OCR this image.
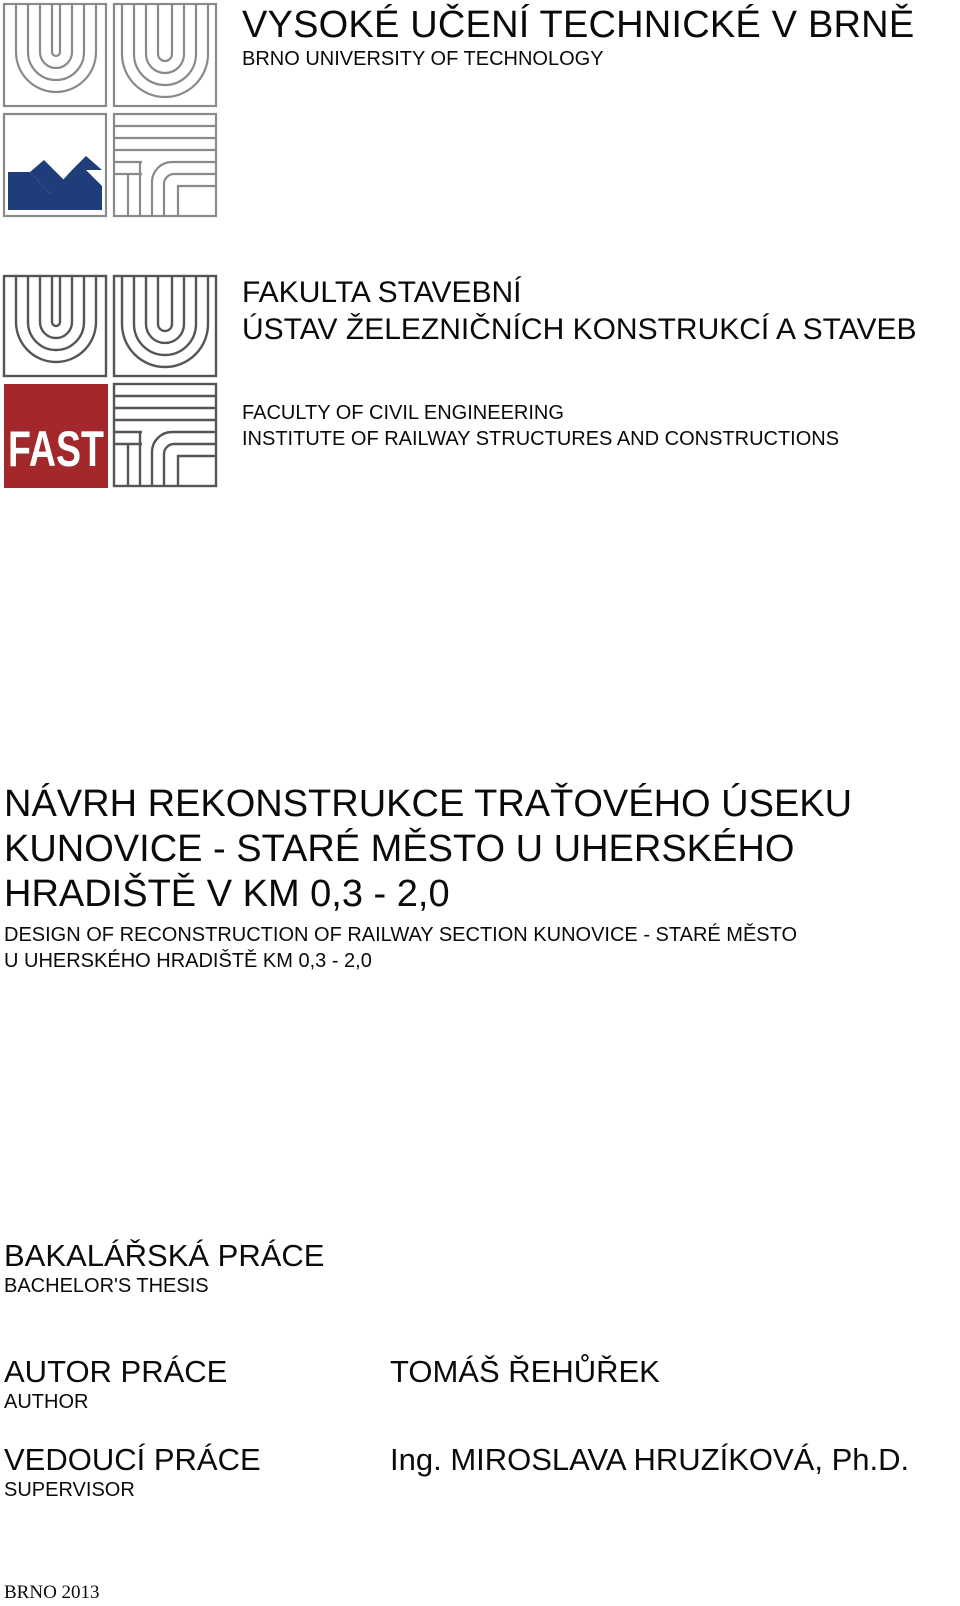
VYSOKÉ UČENÍ TECHNICKÉ V BRNĚ
BRNO UNIVERSITY OF TECHNOLOGY
FAST
FAKULTA STAVEBNÍ
ÚSTAV ŽELEZNIČNÍCH KONSTRUKCÍ A STAVEB
FACULTY OF CIVIL ENGINEERING
INSTITUTE OF RAILWAY STRUCTURES AND CONSTRUCTIONS
NÁVRH REKONSTRUKCE TRAŤOVÉHO ÚSEKU
KUNOVICE - STARÉ MĚSTO U UHERSKÉHO
HRADIŠTĚ V KM 0,3 - 2,0
DESIGN OF RECONSTRUCTION OF RAILWAY SECTION KUNOVICE - STARÉ MĚSTO
U UHERSKÉHO HRADIŠTĚ KM 0,3 - 2,0
BAKALÁŘSKÁ PRÁCE
BACHELOR'S THESIS
AUTOR PRÁCE
AUTHOR
TOMÁŠ ŘEHŮŘEK
VEDOUCÍ PRÁCE
SUPERVISOR
Ing. MIROSLAVA HRUZÍKOVÁ, Ph.D.
BRNO 2013
